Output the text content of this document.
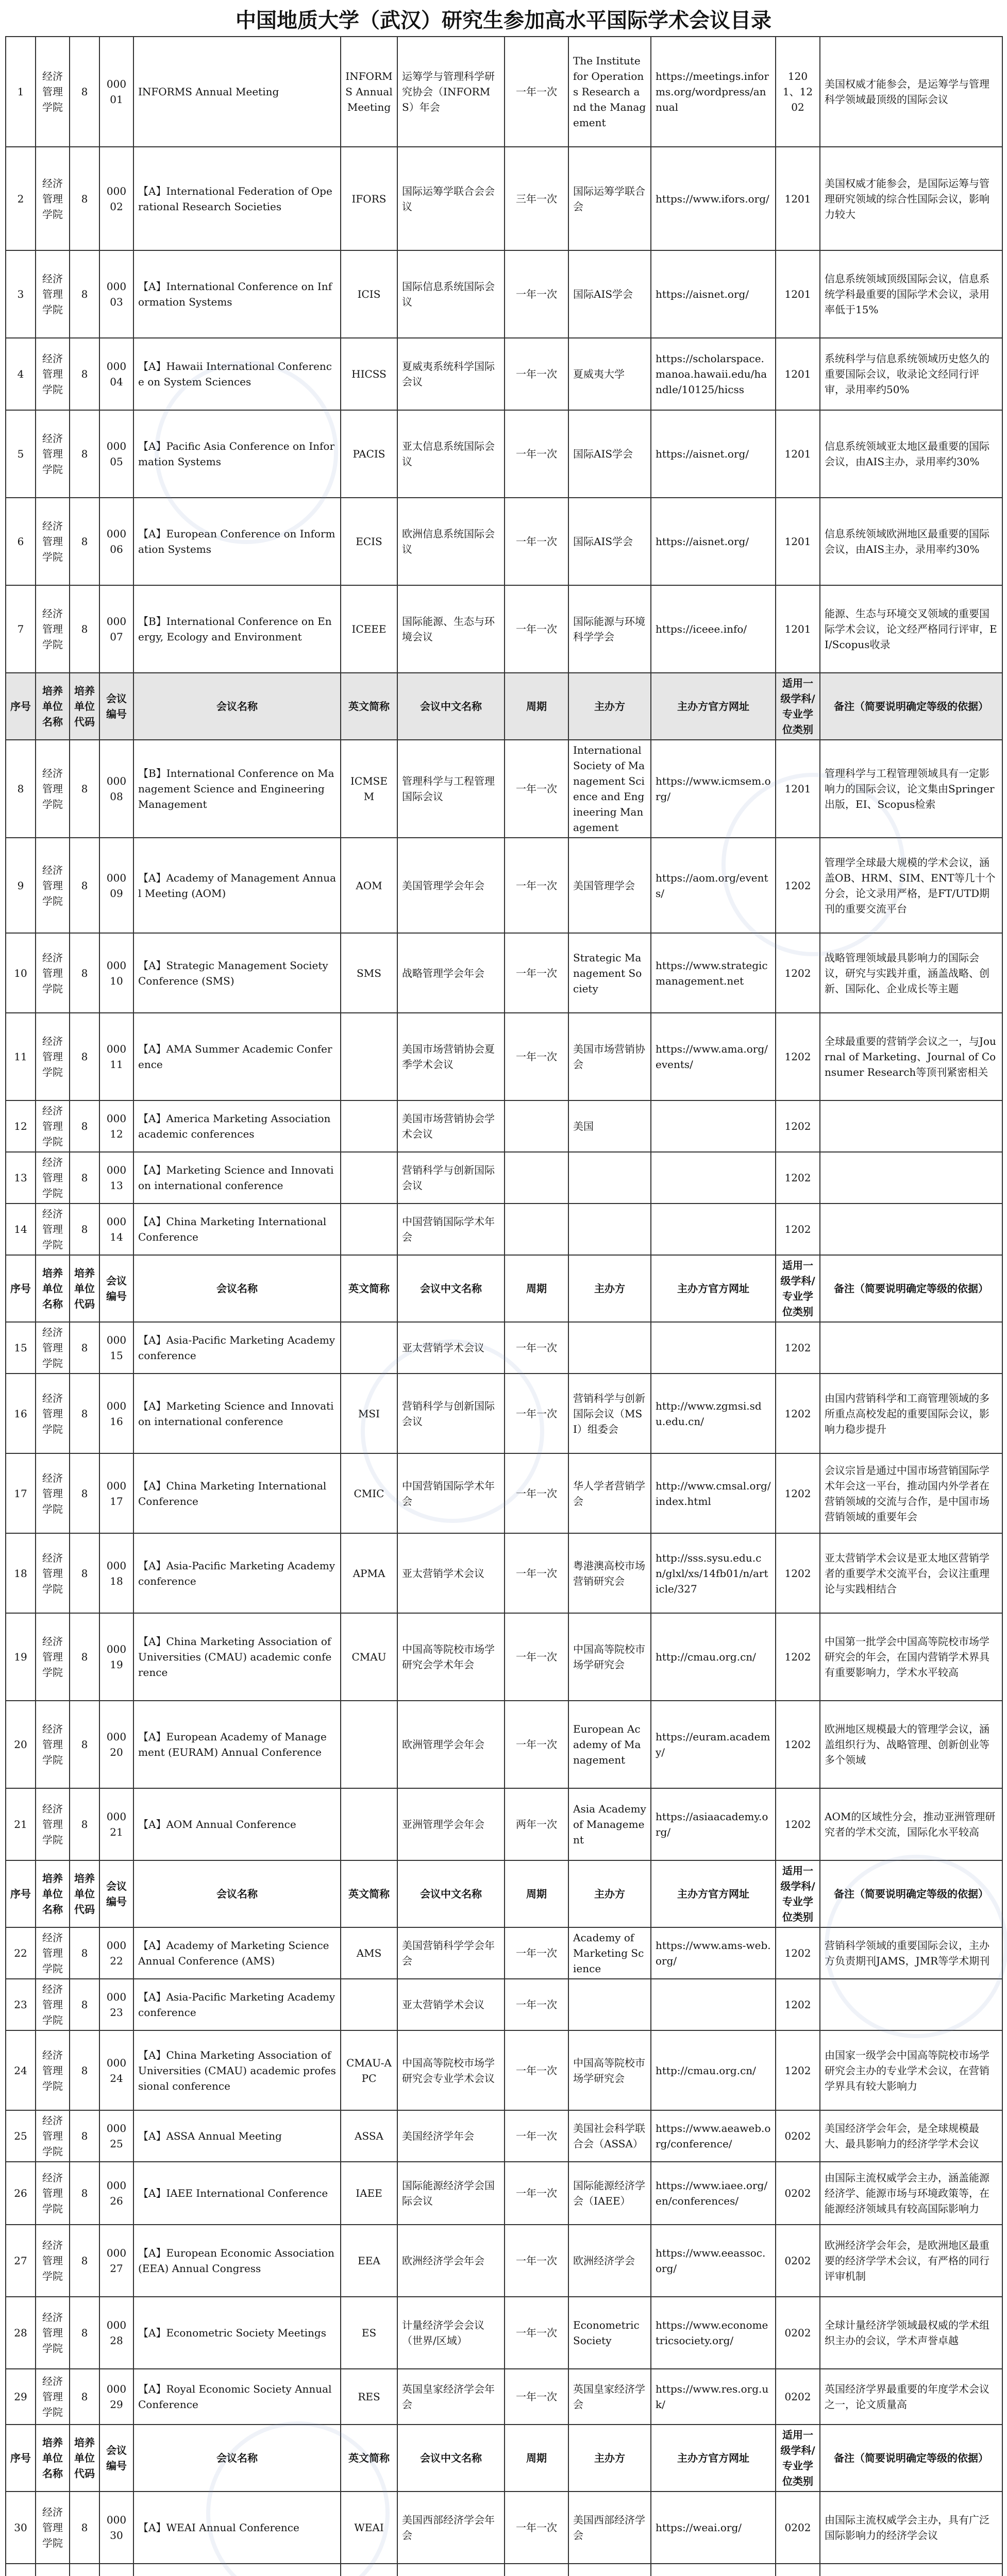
中国地质大学（武汉）研究生参加高水平国际学术会议目录
1	经济管理学院	8	00001	INFORMS Annual Meeting	INFORMS Annual Meeting	运筹学与管理科学研究协会（INFORMS）年会	一年一次	The Institute for Operations Research and the Management	https://meetings.informs.org/wordpress/annual	1201、1202	美国权威才能参会，是运筹学与管理科学领域最顶级的国际会议
2	经济管理学院	8	00002	【A】International Federation of Operational Research Societies	IFORS	国际运筹学联合会会议	三年一次	国际运筹学联合会	https://www.ifors.org/	1201	美国权威才能参会，是国际运筹与管理研究领域的综合性国际会议，影响力较大
3	经济管理学院	8	00003	【A】International Conference on Information Systems	ICIS	国际信息系统国际会议	一年一次	国际AIS学会	https://aisnet.org/	1201	信息系统领域顶级国际会议，信息系统学科最重要的国际学术会议，录用率低于15%
4	经济管理学院	8	00004	【A】Hawaii International Conference on System Sciences	HICSS	夏威夷系统科学国际会议	一年一次	夏威夷大学	https://scholarspace.manoa.hawaii.edu/handle/10125/hicss	1201	系统科学与信息系统领域历史悠久的重要国际会议，收录论文经同行评审，录用率约50%
5	经济管理学院	8	00005	【A】Pacific Asia Conference on Information Systems	PACIS	亚太信息系统国际会议	一年一次	国际AIS学会	https://aisnet.org/	1201	信息系统领域亚太地区最重要的国际会议，由AIS主办，录用率约30%
6	经济管理学院	8	00006	【A】European Conference on Information Systems	ECIS	欧洲信息系统国际会议	一年一次	国际AIS学会	https://aisnet.org/	1201	信息系统领域欧洲地区最重要的国际会议，由AIS主办，录用率约30%
7	经济管理学院	8	00007	【B】International Conference on Energy, Ecology and Environment	ICEEE	国际能源、生态与环境会议	一年一次	国际能源与环境科学学会	https://iceee.info/	1201	能源、生态与环境交叉领域的重要国际学术会议，论文经严格同行评审，EI/Scopus收录
序号	培养单位名称	培养单位代码	会议编号	会议名称	英文简称	会议中文名称	周期	主办方	主办方官方网址	适用一级学科/专业学位类别	备注（简要说明确定等级的依据）
8	经济管理学院	8	00008	【B】International Conference on Management Science and Engineering Management	ICMSEM	管理科学与工程管理国际会议	一年一次	International Society of Management Science and Engineering Management	https://www.icmsem.org/	1201	管理科学与工程管理领域具有一定影响力的国际会议，论文集由Springer出版，EI、Scopus检索
9	经济管理学院	8	00009	【A】Academy of Management Annual Meeting (AOM)	AOM	美国管理学会年会	一年一次	美国管理学会	https://aom.org/events/	1202	管理学全球最大规模的学术会议，涵盖OB、HRM、SIM、ENT等几十个分会，论文录用严格，是FT/UTD期刊的重要交流平台
10	经济管理学院	8	00010	【A】Strategic Management Society Conference (SMS)	SMS	战略管理学会年会	一年一次	Strategic Management Society	https://www.strategicmanagement.net	1202	战略管理领域最具影响力的国际会议，研究与实践并重，涵盖战略、创新、国际化、企业成长等主题
11	经济管理学院	8	00011	【A】AMA Summer Academic Conference		美国市场营销协会夏季学术会议	一年一次	美国市场营销协会	https://www.ama.org/events/	1202	全球最重要的营销学会议之一，与Journal of Marketing、Journal of Consumer Research等顶刊紧密相关
12	经济管理学院	8	00012	【A】America Marketing Association academic conferences		美国市场营销协会学术会议		美国		1202	
13	经济管理学院	8	00013	【A】Marketing Science and Innovation international conference		营销科学与创新国际会议				1202	
14	经济管理学院	8	00014	【A】China Marketing International Conference		中国营销国际学术年会				1202	
序号	培养单位名称	培养单位代码	会议编号	会议名称	英文简称	会议中文名称	周期	主办方	主办方官方网址	适用一级学科/专业学位类别	备注（简要说明确定等级的依据）
15	经济管理学院	8	00015	【A】Asia-Pacific Marketing Academy conference		亚太营销学术会议	一年一次			1202	
16	经济管理学院	8	00016	【A】Marketing Science and Innovation international conference	MSI	营销科学与创新国际会议	一年一次	营销科学与创新国际会议（MSI）组委会	http://www.zgmsi.sdu.edu.cn/	1202	由国内营销科学和工商管理领域的多所重点高校发起的重要国际会议，影响力稳步提升
17	经济管理学院	8	00017	【A】China Marketing International Conference	CMIC	中国营销国际学术年会	一年一次	华人学者营销学会	http://www.cmsal.org/index.html	1202	会议宗旨是通过中国市场营销国际学术年会这一平台，推动国内外学者在营销领域的交流与合作，是中国市场营销领域的重要年会
18	经济管理学院	8	00018	【A】Asia-Pacific Marketing Academy conference	APMA	亚太营销学术会议	一年一次	粤港澳高校市场营销研究会	http://sss.sysu.edu.cn/glxl/xs/14fb01/n/article/327	1202	亚太营销学术会议是亚太地区营销学者的重要学术交流平台，会议注重理论与实践相结合
19	经济管理学院	8	00019	【A】China Marketing Association of Universities (CMAU) academic conference	CMAU	中国高等院校市场学研究会学术年会	一年一次	中国高等院校市场学研究会	http://cmau.org.cn/	1202	中国第一批学会中国高等院校市场学研究会的年会，在国内营销学术界具有重要影响力，学术水平较高
20	经济管理学院	8	00020	【A】European Academy of Management (EURAM) Annual Conference		欧洲管理学会年会	一年一次	European Academy of Management	https://euram.academy/	1202	欧洲地区规模最大的管理学会议，涵盖组织行为、战略管理、创新创业等多个领域
21	经济管理学院	8	00021	【A】AOM Annual Conference		亚洲管理学会年会	两年一次	Asia Academy of Management	https://asiaacademy.org/	1202	AOM的区域性分会，推动亚洲管理研究者的学术交流，国际化水平较高
序号	培养单位名称	培养单位代码	会议编号	会议名称	英文简称	会议中文名称	周期	主办方	主办方官方网址	适用一级学科/专业学位类别	备注（简要说明确定等级的依据）
22	经济管理学院	8	00022	【A】Academy of Marketing Science Annual Conference (AMS)	AMS	美国营销科学学会年会	一年一次	Academy of Marketing Science	https://www.ams-web.org/	1202	营销科学领域的重要国际会议，主办方负责期刊JAMS，JMR等学术期刊
23	经济管理学院	8	00023	【A】Asia-Pacific Marketing Academy conference		亚太营销学术会议	一年一次			1202	
24	经济管理学院	8	00024	【A】China Marketing Association of Universities (CMAU) academic professional conference	CMAU-APC	中国高等院校市场学研究会专业学术会议	一年一次	中国高等院校市场学研究会	http://cmau.org.cn/	1202	由国家一级学会中国高等院校市场学研究会主办的专业学术会议，在营销学界具有较大影响力
25	经济管理学院	8	00025	【A】ASSA Annual Meeting	ASSA	美国经济学年会	一年一次	美国社会科学联合会（ASSA）	https://www.aeaweb.org/conference/	0202	美国经济学会年会，是全球规模最大、最具影响力的经济学学术会议
26	经济管理学院	8	00026	【A】IAEE International Conference	IAEE	国际能源经济学会国际会议	一年一次	国际能源经济学会（IAEE）	https://www.iaee.org/en/conferences/	0202	由国际主流权威学会主办，涵盖能源经济学、能源市场与环境政策等，在能源经济领域具有较高国际影响力
27	经济管理学院	8	00027	【A】European Economic Association (EEA) Annual Congress	EEA	欧洲经济学会年会	一年一次	欧洲经济学会	https://www.eeassoc.org/	0202	欧洲经济学会年会，是欧洲地区最重要的经济学学术会议，有严格的同行评审机制
28	经济管理学院	8	00028	【A】Econometric Society Meetings	ES	计量经济学会会议（世界/区域）	一年一次	Econometric Society	https://www.econometricsociety.org/	0202	全球计量经济学领域最权威的学术组织主办的会议，学术声誉卓越
29	经济管理学院	8	00029	【A】Royal Economic Society Annual Conference	RES	英国皇家经济学会年会	一年一次	英国皇家经济学会	https://www.res.org.uk/	0202	英国经济学界最重要的年度学术会议之一，论文质量高
序号	培养单位名称	培养单位代码	会议编号	会议名称	英文简称	会议中文名称	周期	主办方	主办方官方网址	适用一级学科/专业学位类别	备注（简要说明确定等级的依据）
30	经济管理学院	8	00030	【A】WEAI Annual Conference	WEAI	美国西部经济学会年会	一年一次	美国西部经济学会	https://weai.org/	0202	由国际主流权威学会主办，具有广泛国际影响力的经济学会议
